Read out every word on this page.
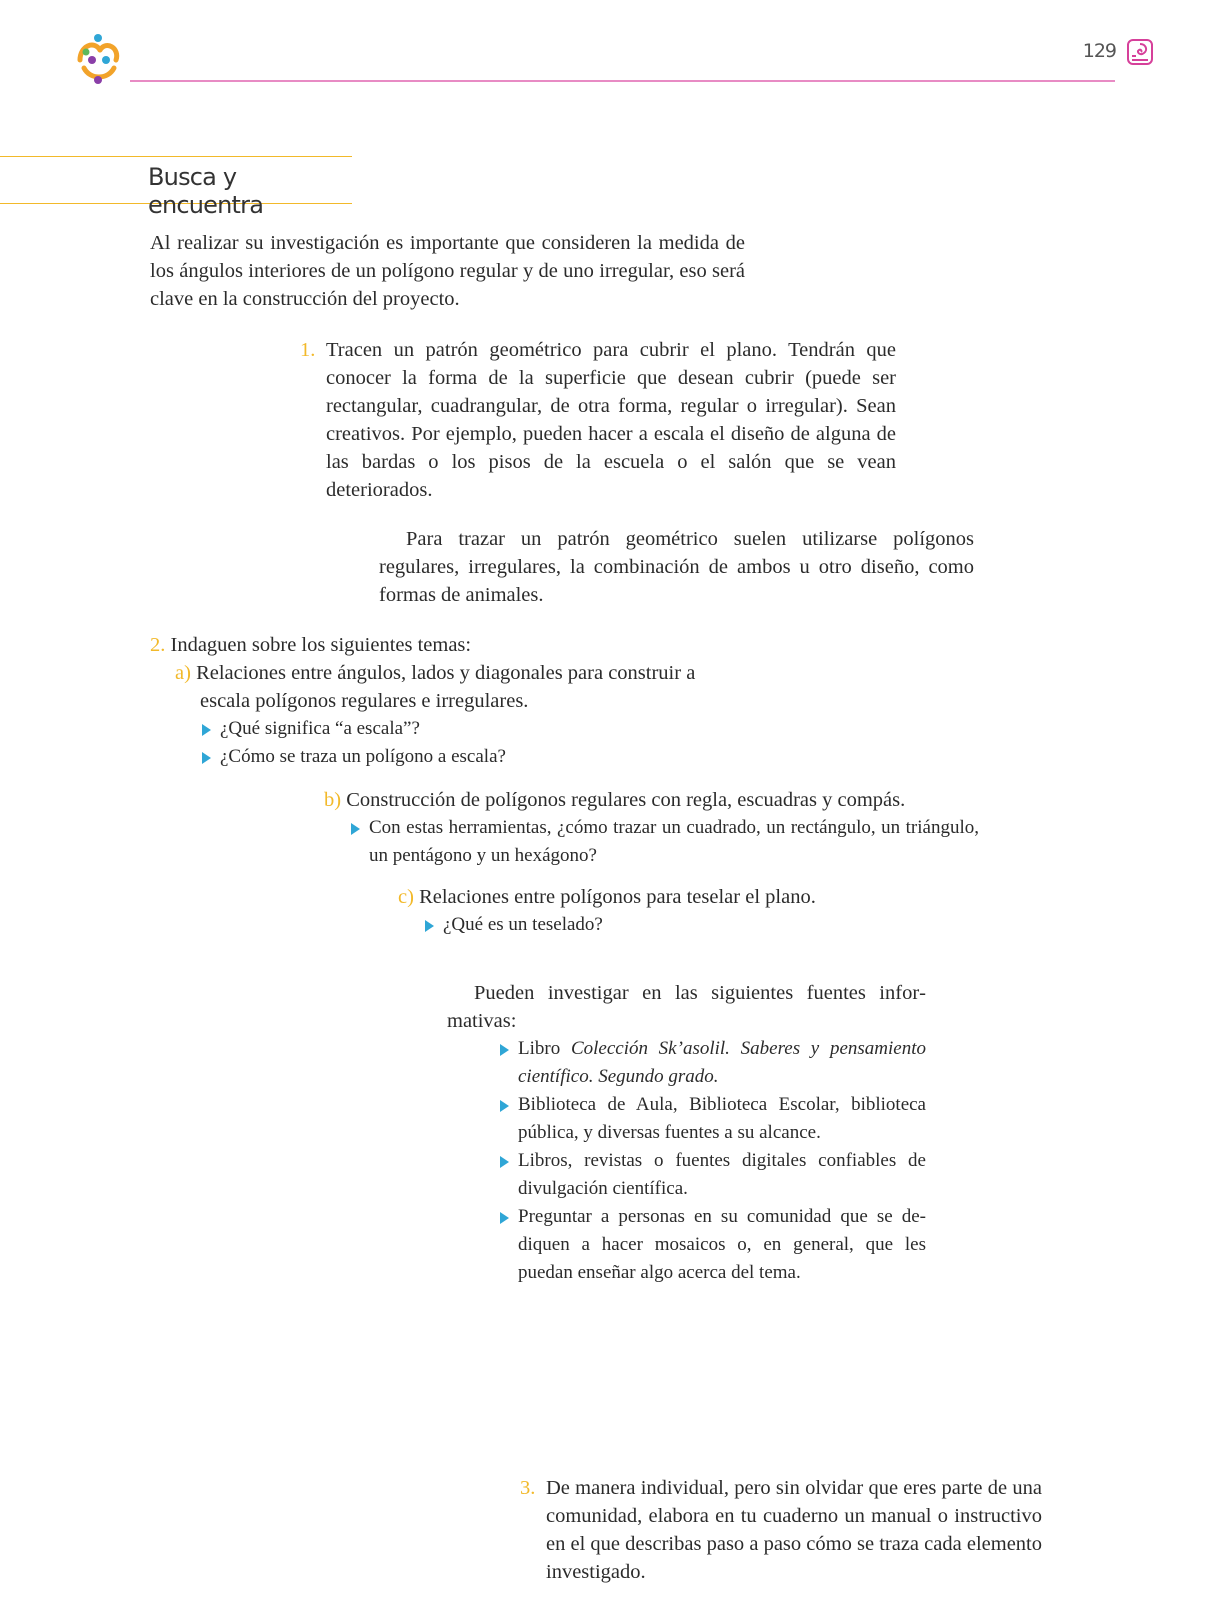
129
Busca y encuentra

Al realizar su investigación es importante que consideren la medida de los ángulos interiores de un polígono regular y de uno irregular, eso será clave en la construcción del proyecto.

1. Tracen un patrón geométrico para cubrir el plano. Tendrán que conocer la forma de la superficie que desean cubrir (puede ser rectangular, cuadrangular, de otra forma, regular o irregular). Sean creativos. Por ejemplo, pueden hacer a escala el diseño de alguna de las bardas o los pisos de la escuela o el salón que se vean deteriorados.

Para trazar un patrón geométrico suelen utilizarse polígonos regulares, irregulares, la combinación de ambos u otro diseño, como formas de animales.

2. Indaguen sobre los siguientes temas:

a) Relaciones entre ángulos, lados y diagonales para construir a

escala polígonos regulares e irregulares.

¿Qué significa “a escala”?
¿Cómo se traza un polígono a escala?

b) Construcción de polígonos regulares con regla, escuadras y compás.

Con estas herramientas, ¿cómo trazar un cuadrado, un rectángulo, un triángulo, un pentágono y un hexágono?

c) Relaciones entre polígonos para teselar el plano.

¿Qué es un teselado?

Pueden investigar en las siguientes fuentes informativas:

Libro Colección Sk’asolil. Saberes y pensamiento científico. Segundo grado.
Biblioteca de Aula, Biblioteca Escolar, biblioteca pública, y diversas fuentes a su alcance.
Libros, revistas o fuentes digitales confiables de divulgación científica.
Preguntar a personas en su comunidad que se dediquen a hacer mosaicos o, en general, que les puedan enseñar algo acerca del tema.
3. De manera individual, pero sin olvidar que eres parte de una comunidad, elabora en tu cuaderno un manual o instructivo en el que describas paso a paso cómo se traza cada elemento investigado.
